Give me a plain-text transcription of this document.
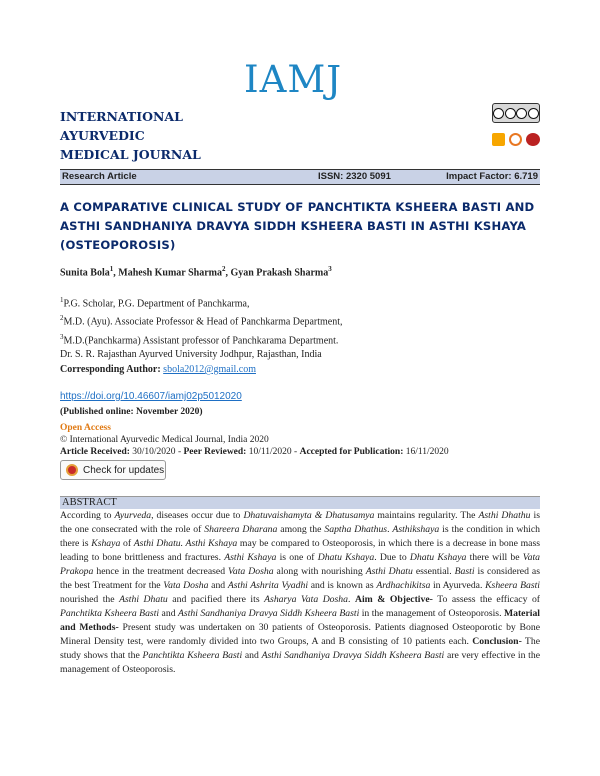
IAMJ
INTERNATIONAL
AYURVEDIC
MEDICAL JOURNAL
Research Article	ISSN: 2320 5091	Impact Factor: 6.719
A COMPARATIVE CLINICAL STUDY OF PANCHTIKTA KSHEERA BASTI AND ASTHI SANDHANIYA DRAVYA SIDDH KSHEERA BASTI IN ASTHI KSHAYA (OSTEOPOROSIS)
Sunita Bola$^1$, Mahesh Kumar Sharma$^2$, Gyan Prakash Sharma$^3$
$^1$P.G. Scholar, P.G. Department of Panchkarma,
$^2$M.D. (Ayu). Associate Professor & Head of Panchkarma Department,
$^3$M.D.(Panchkarma) Assistant professor of Panchkarama Department.
Dr. S. R. Rajasthan Ayurved University Jodhpur, Rajasthan, India
Corresponding Author: sbola2012@gmail.com
https://doi.org/10.46607/iamj02p5012020
(Published online: November 2020)
Open Access
© International Ayurvedic Medical Journal, India 2020
Article Received: 30/10/2020 - Peer Reviewed: 10/11/2020 - Accepted for Publication: 16/11/2020
Check for updates
ABSTRACT
According to Ayurveda, diseases occur due to Dhatuvaishamyta & Dhatusamya maintains regularity. The Asthi Dhathu is the one consecrated with the role of Shareera Dharana among the Saptha Dhathus. Asthikshaya is the condition in which there is Kshaya of Asthi Dhatu. Asthi Kshaya may be compared to Osteoporosis, in which there is a decrease in bone mass leading to bone brittleness and fractures. Asthi Kshaya is one of Dhatu Kshaya. Due to Dhatu Kshaya there will be Vata Prakopa hence in the treatment decreased Vata Dosha along with nourishing Asthi Dhatu essential. Basti is considered as the best Treatment for the Vata Dosha and Asthi Ashrita Vyadhi and is known as Ardhachikitsa in Ayurveda. Ksheera Basti nourished the Asthi Dhatu and pacified there its Asharya Vata Dosha. Aim & Objective- To assess the efficacy of Panchtikta Ksheera Basti and Asthi Sandhaniya Dravya Siddh Ksheera Basti in the management of Osteoporosis. Material and Methods- Present study was undertaken on 30 patients of Osteoporosis. Patients diagnosed Osteoporotic by Bone Mineral Density test, were randomly divided into two Groups, A and B consisting of 10 patients each. Conclusion- The study shows that the Panchtikta Ksheera Basti and Asthi Sandhaniya Dravya Siddh Ksheera Basti are very effective in the management of Osteoporosis.
